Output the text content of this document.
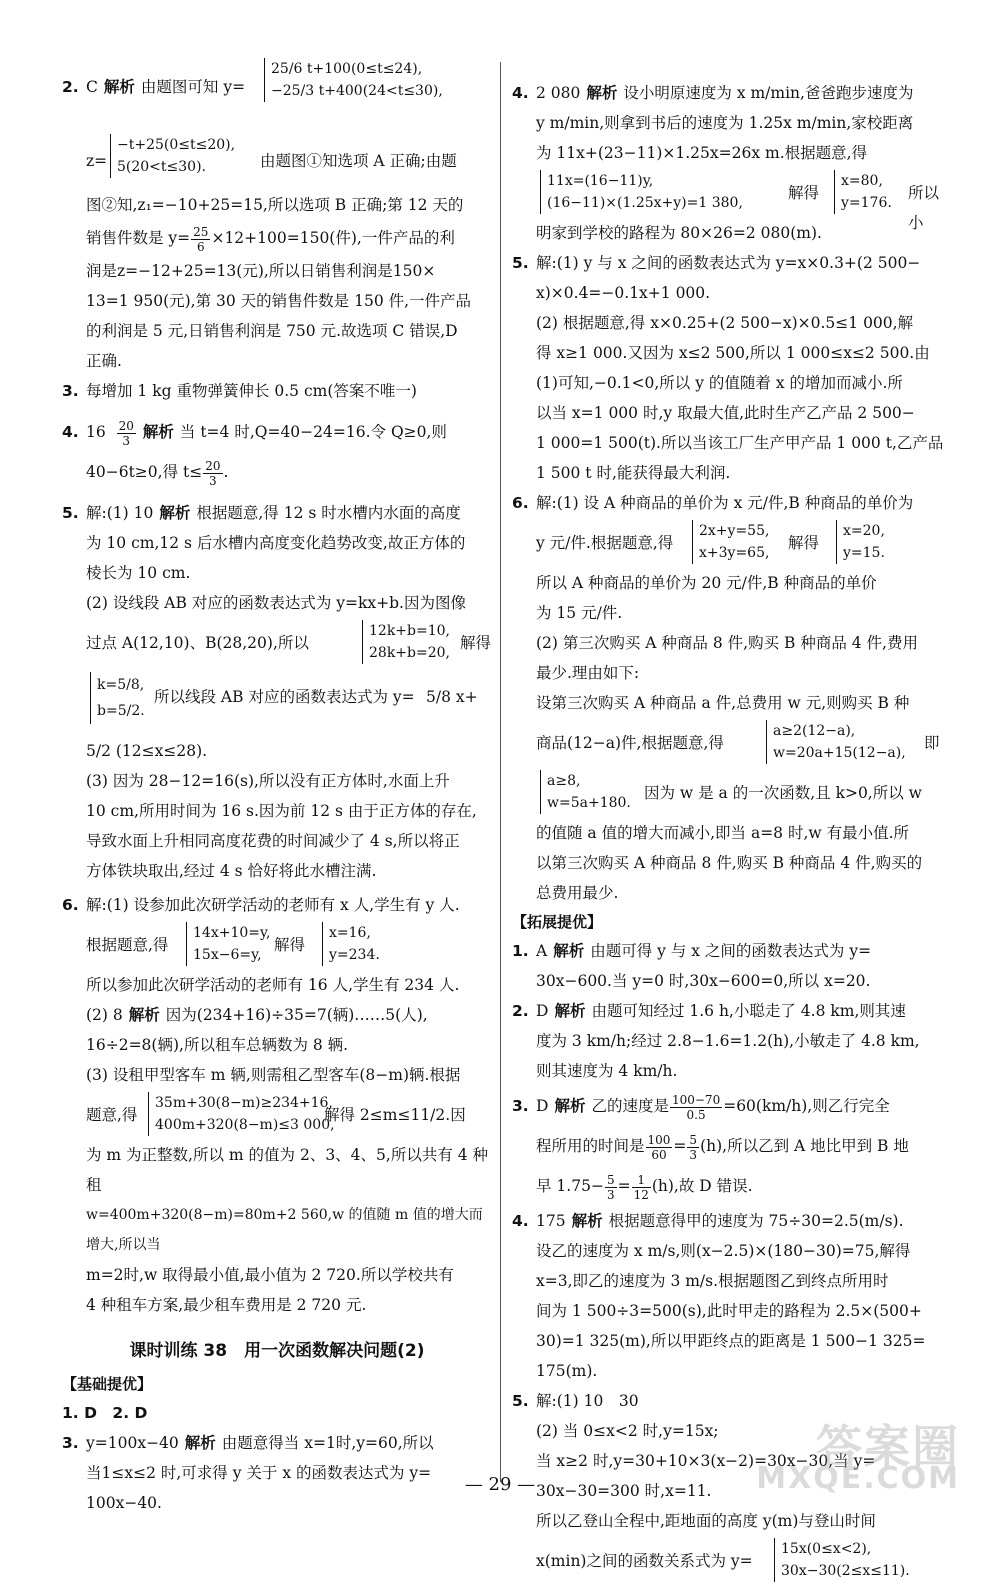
2. C 解析 由题图可知 y=
25/6 t+100(0≤t≤24),
−25/3 t+400(24<t≤30),
z=
−t+25(0≤t≤20),
5(20<t≤30).	由题图①知选项 A 正确;由题
图②知,z₁=−10+25=15,所以选项 B 正确;第 12 天的
销售件数是 $y= \frac{25}{6} \times 12+100=150$(件),一件产品的利
润是z=−12+25=13(元),所以日销售利润是150×
13=1 950(元),第 30 天的销售件数是 150 件,一件产品
的利润是 5 元,日销售利润是 750 元.故选项 C 错误,D
正确.
3. 每增加 1 kg 重物弹簧伸长 0.5 cm(答案不唯一)
4. $16 \frac{20}{3}$ 解析 当 t=4 时,Q=40−24=16.令 Q≥0,则
40−6t≥0,得 $t\le \frac{20}{3}$ .
5. 解:(1) 10 解析 根据题意,得 12 s 时水槽内水面的高度
为 10 cm,12 s 后水槽内高度变化趋势改变,故正方体的
棱长为 10 cm.
(2) 设线段 AB 对应的函数表达式为 y=kx+b.因为图像
过点 A(12,10)、B(28,20),所以
12k+b=10,
28k+b=20,
解得
k=5/8,
b=5/2.
所以线段 AB 对应的函数表达式为 y= 5/8 x+
5/2 (12≤x≤28).
(3) 因为 28−12=16(s),所以没有正方体时,水面上升
10 cm,所用时间为 16 s.因为前 12 s 由于正方体的存在,
导致水面上升相同高度花费的时间减少了 4 s,所以将正
方体铁块取出,经过 4 s 恰好将此水槽注满.
6. 解:(1) 设参加此次研学活动的老师有 x 人,学生有 y 人.
根据题意,得
14x+10=y,
15x−6=y,
解得
x=16,
y=234.
所以参加此次研学活动的老师有 16 人,学生有 234 人.
(2) 8 解析 因为(234+16)÷35=7(辆)……5(人),
16÷2=8(辆),所以租车总辆数为 8 辆.
(3) 设租甲型客车 m 辆,则需租乙型客车(8−m)辆.根据
题意,得
35m+30(8−m)≥234+16,
400m+320(8−m)≤3 000,
解得 2≤m≤11/2.因
为 m 为正整数,所以 m 的值为 2、3、4、5,所以共有 4 种租
w=400m+320(8−m)=80m+2 560,w 的值随 m 值的增大而增大,所以当
m=2时,w 取得最小值,最小值为 2 720.所以学校共有
4 种租车方案,最少租车费用是 2 720 元.
课时训练 38　用一次函数解决问题(2)
【基础提优】
1. D　2. D
3. y=100x−40 解析 由题意得当 x=1时,y=60,所以
当1≤x≤2 时,可求得 y 关于 x 的函数表达式为 y=
100x−40.
4. 2 080 解析 设小明原速度为 x m/min,爸爸跑步速度为
y m/min,则拿到书后的速度为 1.25x m/min,家校距离
为 11x+(23−11)×1.25x=26x m.根据题意,得
11x=(16−11)y,
(16−11)×(1.25x+y)=1 380,
解得
x=80,
y=176.
所以小
明家到学校的路程为 80×26=2 080(m).
5. 解:(1) y 与 x 之间的函数表达式为 y=x×0.3+(2 500−
x)×0.4=−0.1x+1 000.
(2) 根据题意,得 x×0.25+(2 500−x)×0.5≤1 000,解
得 x≥1 000.又因为 x≤2 500,所以 1 000≤x≤2 500.由
(1)可知,−0.1<0,所以 y 的值随着 x 的增加而减小.所
以当 x=1 000 时,y 取最大值,此时生产乙产品 2 500−
1 000=1 500(t).所以当该工厂生产甲产品 1 000 t,乙产品
1 500 t 时,能获得最大利润.
6. 解:(1) 设 A 种商品的单价为 x 元/件,B 种商品的单价为
y 元/件.根据题意,得
2x+y=55,
x+3y=65,
解得
x=20,
y=15.
所以 A 种商品的单价为 20 元/件,B 种商品的单价
为 15 元/件.
(2) 第三次购买 A 种商品 8 件,购买 B 种商品 4 件,费用
最少.理由如下:
设第三次购买 A 种商品 a 件,总费用 w 元,则购买 B 种
商品(12−a)件,根据题意,得
a≥2(12−a),
w=20a+15(12−a),
即
a≥8,
w=5a+180.
因为 w 是 a 的一次函数,且 k>0,所以 w
的值随 a 值的增大而减小,即当 a=8 时,w 有最小值.所
以第三次购买 A 种商品 8 件,购买 B 种商品 4 件,购买的
总费用最少.
【拓展提优】
1. A 解析 由题可得 y 与 x 之间的函数表达式为 y=
30x−600.当 y=0 时,30x−600=0,所以 x=20.
2. D 解析 由题可知经过 1.6 h,小聪走了 4.8 km,则其速
度为 3 km/h;经过 2.8−1.6=1.2(h),小敏走了 4.8 km,
则其速度为 4 km/h.
3. D 解析 乙的速度是 $\frac{100-70}{0.5} =60(km/h)$,则乙行完全
程所用的时间是 $\frac{100}{60} = \frac{5}{3} (h)$,所以乙到 A 地比甲到 B 地
早 $1.75- \frac{5}{3} = \frac{1}{12} (h)$,故 D 错误.
4. 175 解析 根据题意得甲的速度为 75÷30=2.5(m/s).
设乙的速度为 x m/s,则(x−2.5)×(180−30)=75,解得
x=3,即乙的速度为 3 m/s.根据题图乙到终点所用时
间为 1 500÷3=500(s),此时甲走的路程为 2.5×(500+
30)=1 325(m),所以甲距终点的距离是 1 500−1 325=
175(m).
5. 解:(1) 10　30
(2) 当 0≤x<2 时,y=15x;
当 x≥2 时,y=30+10×3(x−2)=30x−30,当 y=
30x−30=300 时,x=11.
所以乙登山全程中,距地面的高度 y(m)与登山时间
x(min)之间的函数关系式为 y=
15x(0≤x<2),
30x−30(2≤x≤11).
— 29 —
答案圈
MXQE.COM
